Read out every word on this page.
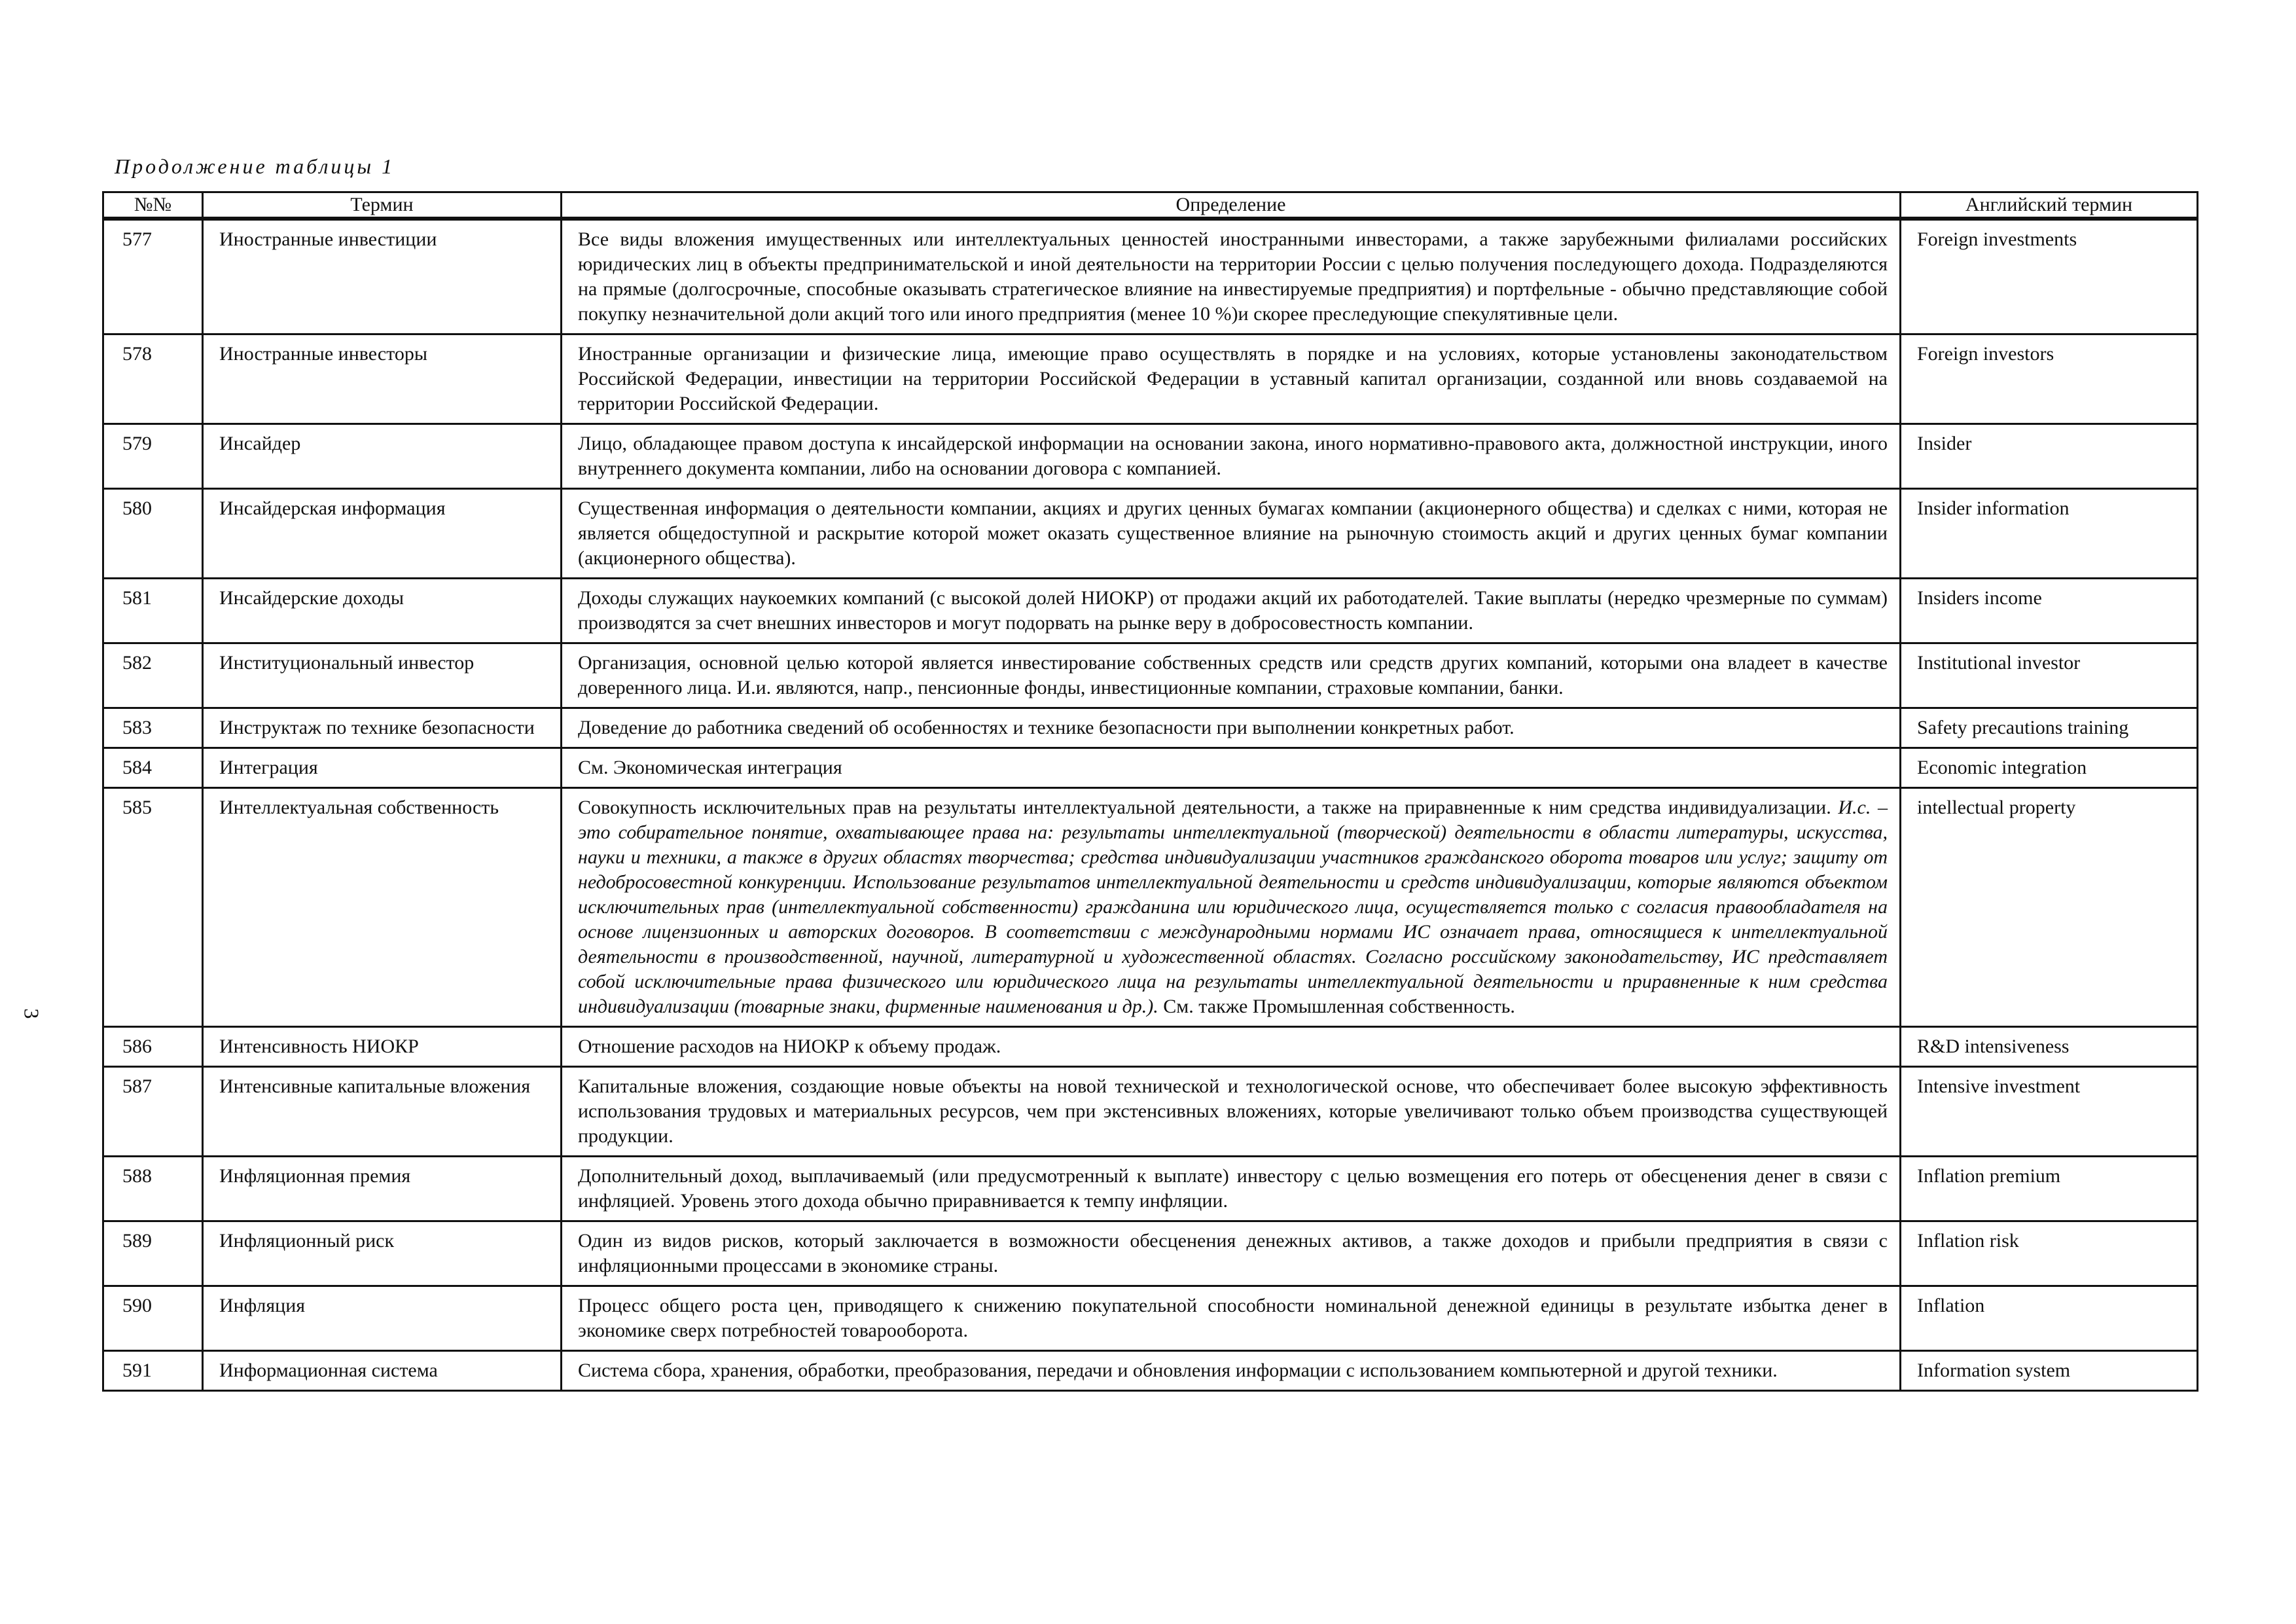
Продолжение таблицы 1
3
№№	Термин	Определение	Английский термин
577	Иностранные инвестиции	Все виды вложения имущественных или интеллектуальных ценностей иностранными инвесторами, а также зарубежными филиалами российских юридических лиц в объекты предпринимательской и иной деятельности на территории России с целью получения последующего дохода. Подразделяются на прямые (долгосрочные, способные оказывать стратегическое влияние на инвестируемые предприятия) и портфельные - обычно представляющие собой покупку незначительной доли акций того или иного предприятия (менее 10 %)и скорее преследующие спекулятивные цели.	Foreign investments
578	Иностранные инвесторы	Иностранные организации и физические лица, имеющие право осуществлять в порядке и на условиях, которые установлены законодательством Российской Федерации, инвестиции на территории Российской Федерации в уставный капитал организации, созданной или вновь создаваемой на территории Российской Федерации.	Foreign investors
579	Инсайдер	Лицо, обладающее правом доступа к инсайдерской информации на основании закона, иного нормативно-правового акта, должностной инструкции, иного внутреннего документа компании, либо на основании договора с компанией.	Insider
580	Инсайдерская информация	Существенная информация о деятельности компании, акциях и других ценных бумагах компании (акционерного общества) и сделках с ними, которая не является общедоступной и раскрытие которой может оказать существенное влияние на рыночную стоимость акций и других ценных бумаг компании (акционерного общества).	Insider information
581	Инсайдерские доходы	Доходы служащих наукоемких компаний (с высокой долей НИОКР) от продажи акций их работодателей. Такие выплаты (нередко чрезмерные по суммам) производятся за счет внешних инвесторов и могут подорвать на рынке веру в добросовестность компании.	Insiders income
582	Институциональный инвестор	Организация, основной целью которой является инвестирование собственных средств или средств других компаний, которыми она владеет в качестве доверенного лица. И.и. являются, напр., пенсионные фонды, инвестиционные компании, страховые компании, банки.	Institutional investor
583	Инструктаж по технике безопасности	Доведение до работника сведений об особенностях и технике безопасности при выполнении конкретных работ.	Safety precautions training
584	Интеграция	См. Экономическая интеграция	Economic integration
585	Интеллектуальная собственность	Совокупность исключительных прав на результаты интеллектуальной деятельности, а также на приравненные к ним средства индивидуализации. И.с. – это собирательное понятие, охватывающее права на: результаты интеллектуальной (творческой) деятельности в области литературы, искусства, науки и техники, а также в других областях творчества; средства индивидуализации участников гражданского оборота товаров или услуг; защиту от недобросовестной конкуренции. Использование результатов интеллектуальной деятельности и средств индивидуализации, которые являются объектом исключительных прав (интеллектуальной собственности) гражданина или юридического лица, осуществляется только с согласия правообладателя на основе лицензионных и авторских договоров. В соответствии с международными нормами ИС означает права, относящиеся к интеллектуальной деятельности в производственной, научной, литературной и художественной областях. Согласно российскому законодательству, ИС представляет собой исключительные права физического или юридического лица на результаты интеллектуальной деятельности и приравненные к ним средства индивидуализации (товарные знаки, фирменные наименования и др.). См. также Промышленная собственность.	intellectual property
586	Интенсивность НИОКР	Отношение расходов на НИОКР к объему продаж.	R&D intensiveness
587	Интенсивные капитальные вложения	Капитальные вложения, создающие новые объекты на новой технической и технологической основе, что обеспечивает более высокую эффективность использования трудовых и материальных ресурсов, чем при экстенсивных вложениях, которые увеличивают только объем производства существующей продукции.	Intensive investment
588	Инфляционная премия	Дополнительный доход, выплачиваемый (или предусмотренный к выплате) инвестору с целью возмещения его потерь от обесценения денег в связи с инфляцией. Уровень этого дохода обычно приравнивается к темпу инфляции.	Inflation premium
589	Инфляционный риск	Один из видов рисков, который заключается в возможности обесценения денежных активов, а также доходов и прибыли предприятия в связи с инфляционными процессами в экономике страны.	Inflation risk
590	Инфляция	Процесс общего роста цен, приводящего к снижению покупательной способности номинальной денежной единицы в результате избытка денег в экономике сверх потребностей товарооборота.	Inflation
591	Информационная система	Система сбора, хранения, обработки, преобразования, передачи и обновления информации с использованием компьютерной и другой техники.	Information system
